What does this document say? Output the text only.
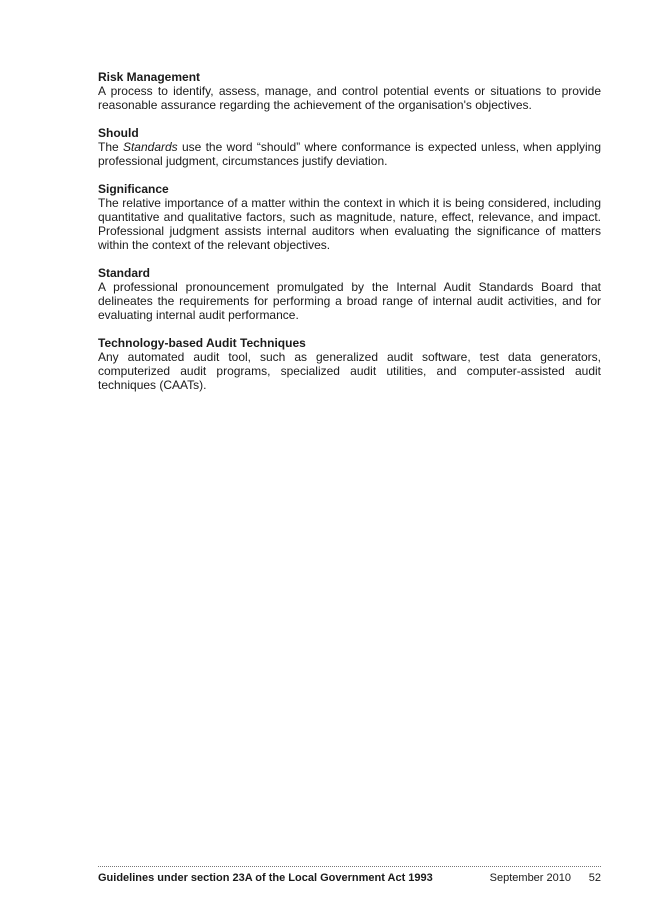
Risk Management

A process to identify, assess, manage, and control potential events or situations to provide reasonable assurance regarding the achievement of the organisation's objectives.

Should

The Standards use the word “should” where conformance is expected unless, when applying professional judgment, circumstances justify deviation.

Significance

The relative importance of a matter within the context in which it is being considered, including quantitative and qualitative factors, such as magnitude, nature, effect, relevance, and impact. Professional judgment assists internal auditors when evaluating the significance of matters within the context of the relevant objectives.

Standard

A professional pronouncement promulgated by the Internal Audit Standards Board that delineates the requirements for performing a broad range of internal audit activities, and for evaluating internal audit performance.

Technology-based Audit Techniques

Any automated audit tool, such as generalized audit software, test data generators, computerized audit programs, specialized audit utilities, and computer-assisted audit techniques (CAATs).

Guidelines under section 23A of the Local Government Act 1993	September 2010 52
